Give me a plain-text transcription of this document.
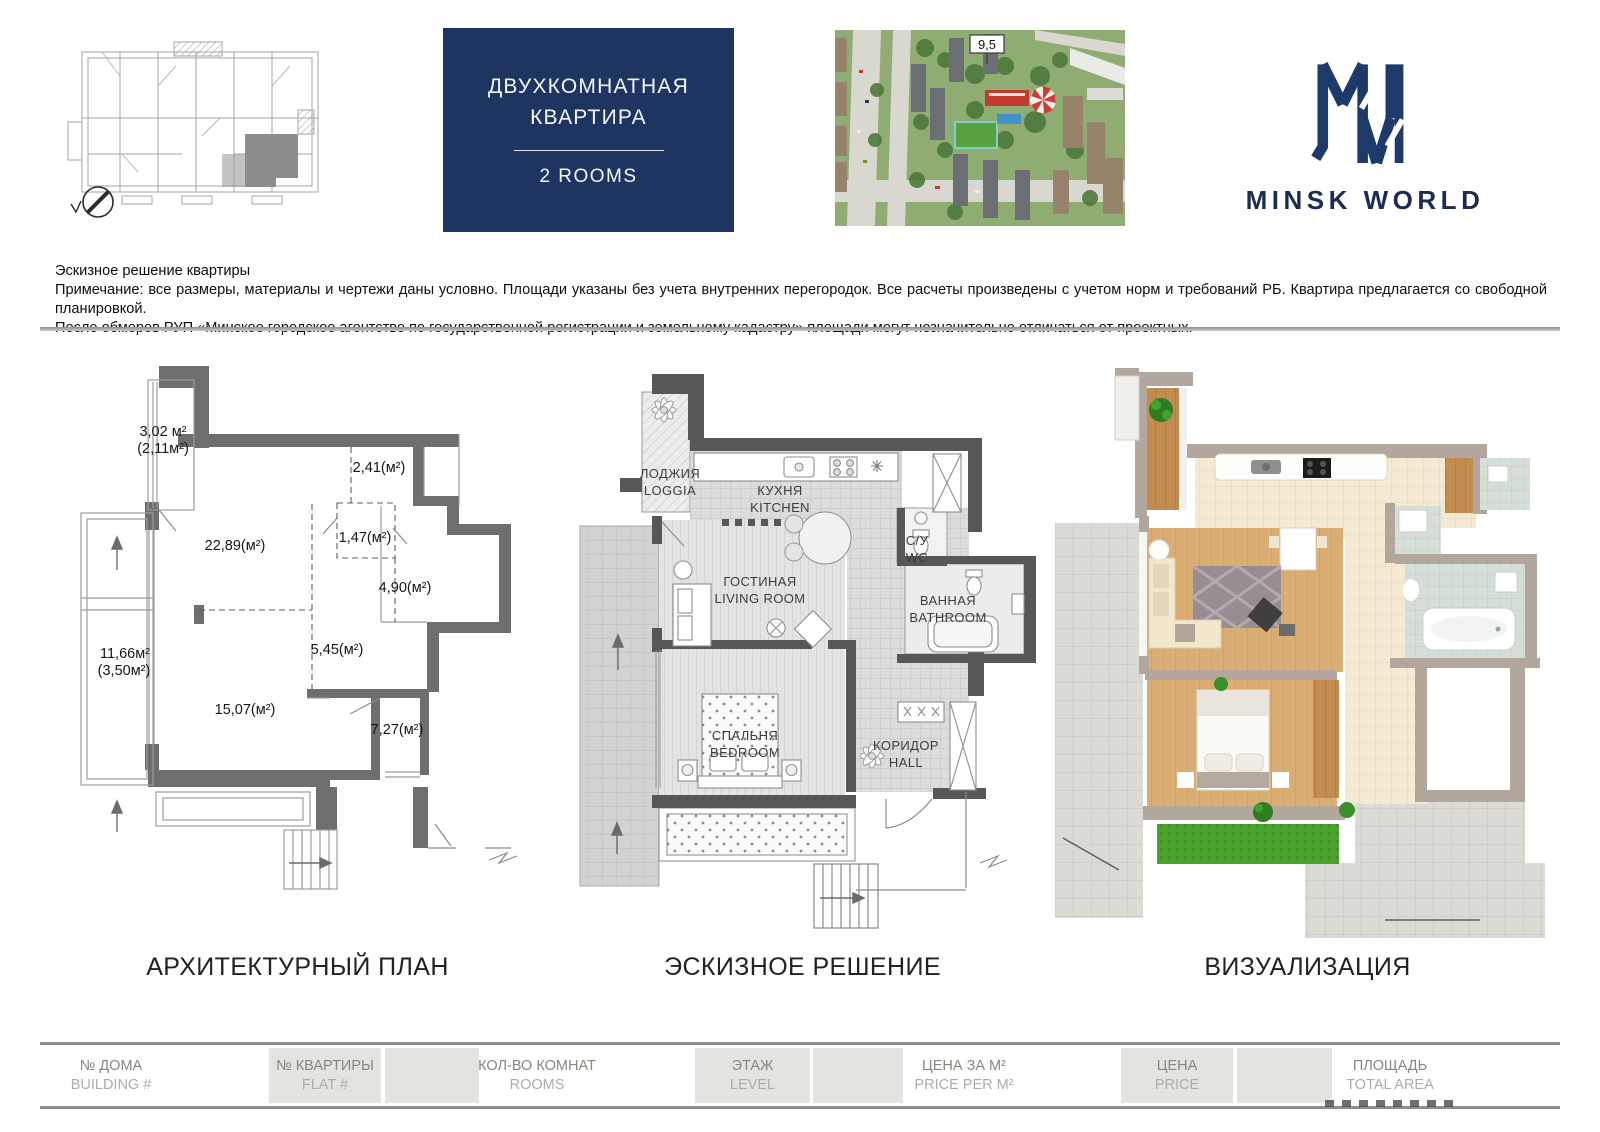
ДВУХКОМНАТНАЯ КВАРТИРА
2 ROOMS
9,5
MINSK WORLD
Эскизное решение квартиры
Примечание: все размеры, материалы и чертежи даны условно. Площади указаны без учета внутренних перегородок. Все расчеты произведены с учетом норм и требований РБ. Квартира предлагается со свободной планировкой.
3,02 м²
(2,11м²)
2,41(м²)
22,89(м²)	1,47(м²)
4,90(м²)
5,45(м²)
11,66м²
(3,50м²)
15,07(м²)
7,27(м²)
АРХИТЕКТУРНЫЙ ПЛАН
ЛОДЖИЯ
LOGGIA	КУХНЯ
KITCHEN
С/У
WC
ГОСТИНАЯ
LIVING ROOM	ВАННАЯ
BATHROOM
СПАЛЬНЯ
BEDROOM	КОРИДОР
HALL
ЭСКИЗНОЕ РЕШЕНИЕ	ВИЗУАЛИЗАЦИЯ
№ ДОМА
BUILDING #
№ КВАРТИРЫ
FLAT #
КОЛ-ВО КОМНАТ
ROOMS
ЭТАЖ
LEVEL
ЦЕНА ЗА М²
PRICE PER M²
ЦЕНА
PRICE
ПЛОЩАДЬ
TOTAL AREA
